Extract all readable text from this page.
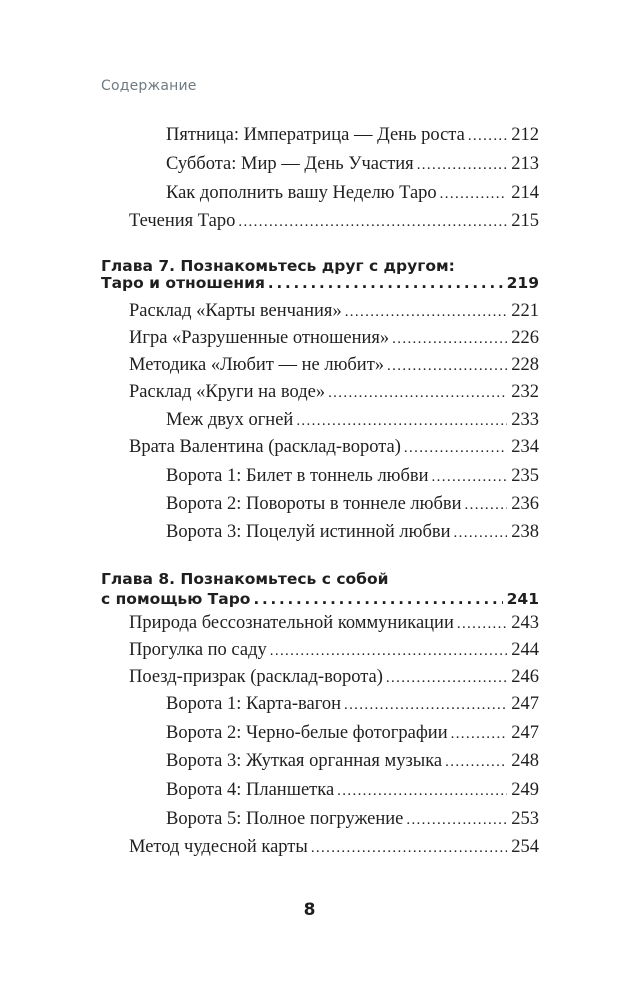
Содержание
Пятница: Императрица — День роста . . .	212
Суббота: Мир — День Участия . . .	213
Как дополнить вашу Неделю Таро . . .	214
Течения Таро . . .	215
Глава 7. Познакомьтесь друг с другом:
Таро и отношения . . .	219
Расклад «Карты венчания» . . .	221
Игра «Разрушенные отношения» . . .	226
Методика «Любит — не любит» . . .	228
Расклад «Круги на воде» . . .	232
Меж двух огней . . .	233
Врата Валентина (расклад-ворота) . . .	234
Ворота 1: Билет в тоннель любви . . .	235
Ворота 2: Повороты в тоннеле любви . . .	236
Ворота 3: Поцелуй истинной любви . . .	238
Глава 8. Познакомьтесь с собой
с помощью Таро . . .	241
Природа бессознательной коммуникации . . .	243
Прогулка по саду . . .	244
Поезд-призрак (расклад-ворота) . . .	246
Ворота 1: Карта-вагон . . .	247
Ворота 2: Черно-белые фотографии . . .	247
Ворота 3: Жуткая органная музыка . . .	248
Ворота 4: Планшетка . . .	249
Ворота 5: Полное погружение . . .	253
Метод чудесной карты . . .	254
8
